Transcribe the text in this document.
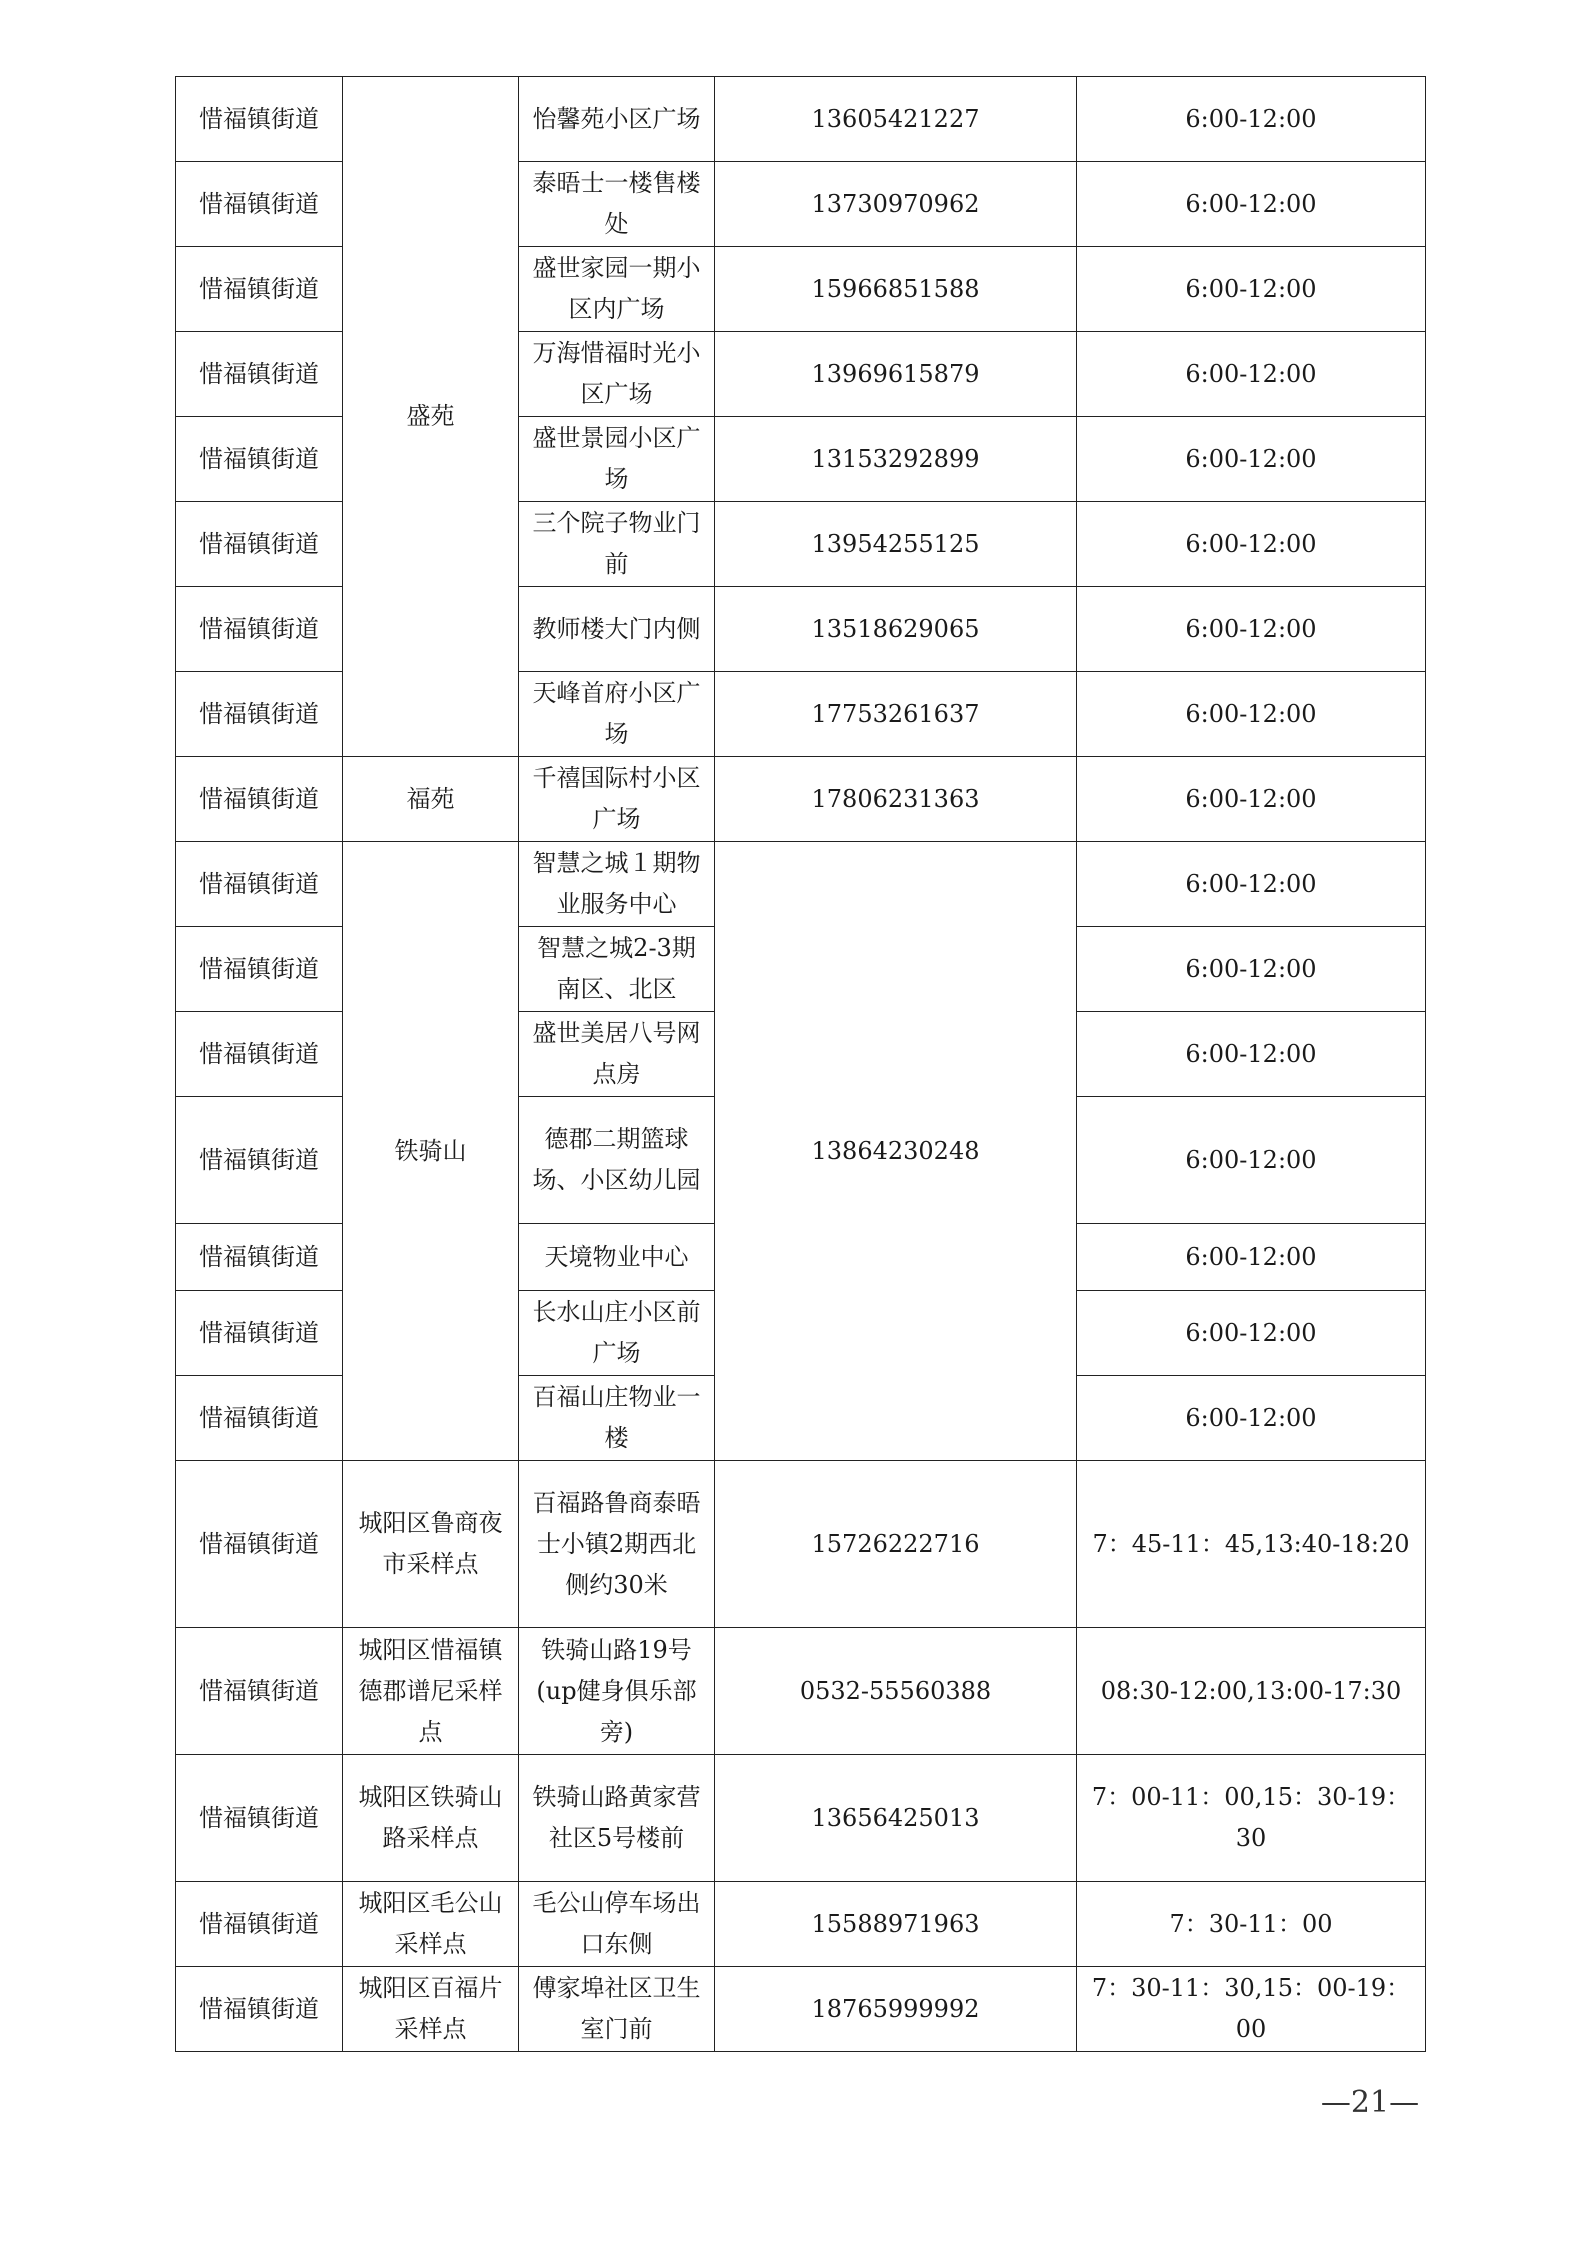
惜福镇街道	盛苑	怡馨苑小区广场	13605421227	6:00-12:00
惜福镇街道		泰晤士一楼售楼处	13730970962	6:00-12:00
惜福镇街道		盛世家园一期小区内广场	15966851588	6:00-12:00
惜福镇街道		万海惜福时光小区广场	13969615879	6:00-12:00
惜福镇街道		盛世景园小区广场	13153292899	6:00-12:00
惜福镇街道		三个院子物业门前	13954255125	6:00-12:00
惜福镇街道		教师楼大门内侧	13518629065	6:00-12:00
惜福镇街道		天峰首府小区广场	17753261637	6:00-12:00
惜福镇街道	福苑	千禧国际村小区广场	17806231363	6:00-12:00
惜福镇街道	铁骑山	智慧之城１期物业服务中心	13864230248	6:00-12:00
惜福镇街道		智慧之城2-3期南区、北区		6:00-12:00
惜福镇街道		盛世美居八号网点房		6:00-12:00
惜福镇街道		德郡二期篮球场、小区幼儿园		6:00-12:00
惜福镇街道		天境物业中心		6:00-12:00
惜福镇街道		长水山庄小区前广场		6:00-12:00
惜福镇街道		百福山庄物业一楼		6:00-12:00
惜福镇街道	城阳区鲁商夜市采样点	百福路鲁商泰晤士小镇2期西北侧约30米	15726222716	7：45-11：45,13:40-18:20
惜福镇街道	城阳区惜福镇德郡谱尼采样点	铁骑山路19号(up健身俱乐部旁)	0532-55560388	08:30-12:00,13:00-17:30
惜福镇街道	城阳区铁骑山路采样点	铁骑山路黄家营社区5号楼前	13656425013	7：00-11：00,15：30-19：30
惜福镇街道	城阳区毛公山采样点	毛公山停车场出口东侧	15588971963	7：30-11：00
惜福镇街道	城阳区百福片采样点	傅家埠社区卫生室门前	18765999992	7：30-11：30,15：00-19：00
—21—
